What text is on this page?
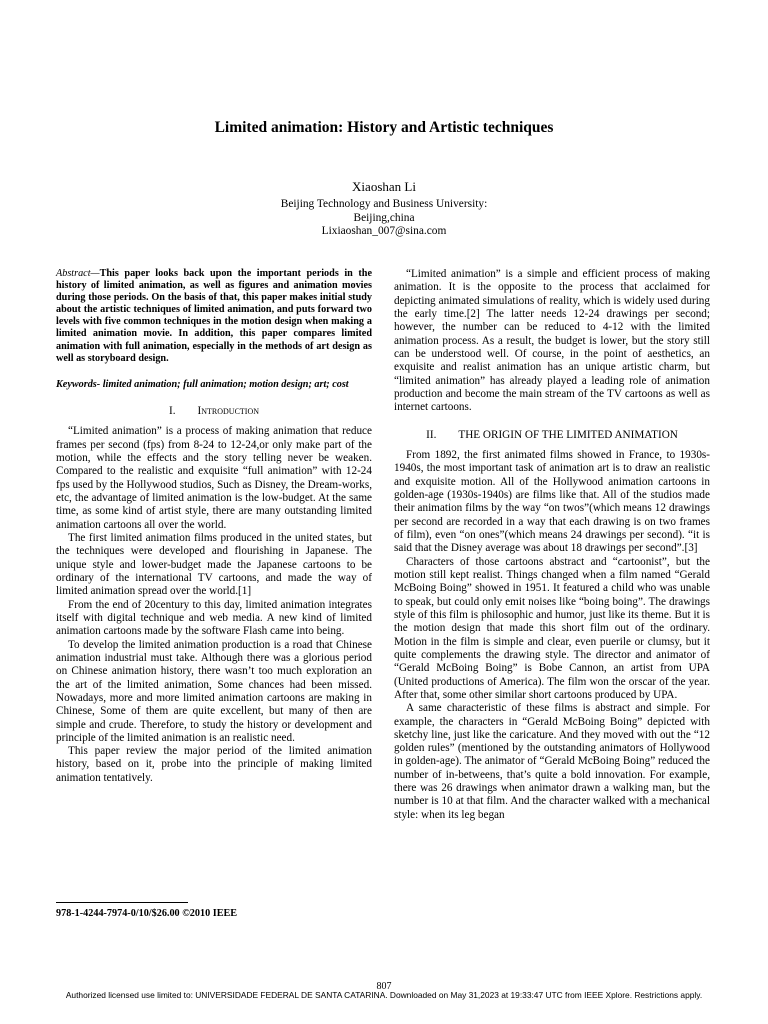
Limited animation: History and Artistic techniques
Xiaoshan Li
Beijing Technology and Business University:
Beijing,china
Lixiaoshan_007@sina.com

Abstract—This paper looks back upon the important periods in the history of limited animation, as well as figures and animation movies during those periods. On the basis of that, this paper makes initial study about the artistic techniques of limited animation, and puts forward two levels with five common techniques in the motion design when making a limited animation movie. In addition, this paper compares limited animation with full animation, especially in the methods of art design as well as storyboard design.

Keywords- limited animation; full animation; motion design; art; cost

I. Introduction

“Limited animation” is a process of making animation that reduce frames per second (fps) from 8-24 to 12-24,or only make part of the motion, while the effects and the story telling never be weaken. Compared to the realistic and exquisite “full animation” with 12-24 fps used by the Hollywood studios, Such as Disney, the Dream-works, etc, the advantage of limited animation is the low-budget. At the same time, as some kind of artist style, there are many outstanding limited animation cartoons all over the world.

The first limited animation films produced in the united states, but the techniques were developed and flourishing in Japanese. The unique style and lower-budget made the Japanese cartoons to be ordinary of the international TV cartoons, and made the way of limited animation spread over the world.[1]

From the end of 20century to this day, limited animation integrates itself with digital technique and web media. A new kind of limited animation cartoons made by the software Flash came into being.

To develop the limited animation production is a road that Chinese animation industrial must take. Although there was a glorious period on Chinese animation history, there wasn’t too much exploration an the art of the limited animation, Some chances had been missed. Nowadays, more and more limited animation cartoons are making in Chinese, Some of them are quite excellent, but many of then are simple and crude. Therefore, to study the history or development and principle of the limited animation is an realistic need.

This paper review the major period of the limited animation history, based on it, probe into the principle of making limited animation tentatively.

“Limited animation” is a simple and efficient process of making animation. It is the opposite to the process that acclaimed for depicting animated simulations of reality, which is widely used during the early time.[2] The latter needs 12-24 drawings per second; however, the number can be reduced to 4-12 with the limited animation process. As a result, the budget is lower, but the story still can be understood well. Of course, in the point of aesthetics, an exquisite and realist animation has an unique artistic charm, but “limited animation” has already played a leading role of animation production and become the main stream of the TV cartoons as well as internet cartoons.

II. THE ORIGIN OF THE LIMITED ANIMATION

From 1892, the first animated films showed in France, to 1930s-1940s, the most important task of animation art is to draw an realistic and exquisite motion. All of the Hollywood animation cartoons in golden-age (1930s-1940s) are films like that. All of the studios made their animation films by the way “on twos”(which means 12 drawings per second are recorded in a way that each drawing is on two frames of film), even “on ones”(which means 24 drawings per second). “it is said that the Disney average was about 18 drawings per second”.[3]

Characters of those cartoons abstract and “cartoonist”, but the motion still kept realist. Things changed when a film named “Gerald McBoing Boing” showed in 1951. It featured a child who was unable to speak, but could only emit noises like “boing boing”. The drawings style of this film is philosophic and humor, just like its theme. But it is the motion design that made this short film out of the ordinary. Motion in the film is simple and clear, even puerile or clumsy, but it quite complements the drawing style. The director and animator of “Gerald McBoing Boing” is Bobe Cannon, an artist from UPA (United productions of America). The film won the orscar of the year. After that, some other similar short cartoons produced by UPA.

A same characteristic of these films is abstract and simple. For example, the characters in “Gerald McBoing Boing” depicted with sketchy line, just like the caricature. And they moved with out the “12 golden rules” (mentioned by the outstanding animators of Hollywood in golden-age). The animator of “Gerald McBoing Boing” reduced the number of in-betweens, that’s quite a bold innovation. For example, there was 26 drawings when animator drawn a walking man, but the number is 10 at that film. And the character walked with a mechanical style: when its leg began

978-1-4244-7974-0/10/$26.00 ©2010 IEEE
807
Authorized licensed use limited to: UNIVERSIDADE FEDERAL DE SANTA CATARINA. Downloaded on May 31,2023 at 19:33:47 UTC from IEEE Xplore. Restrictions apply.
